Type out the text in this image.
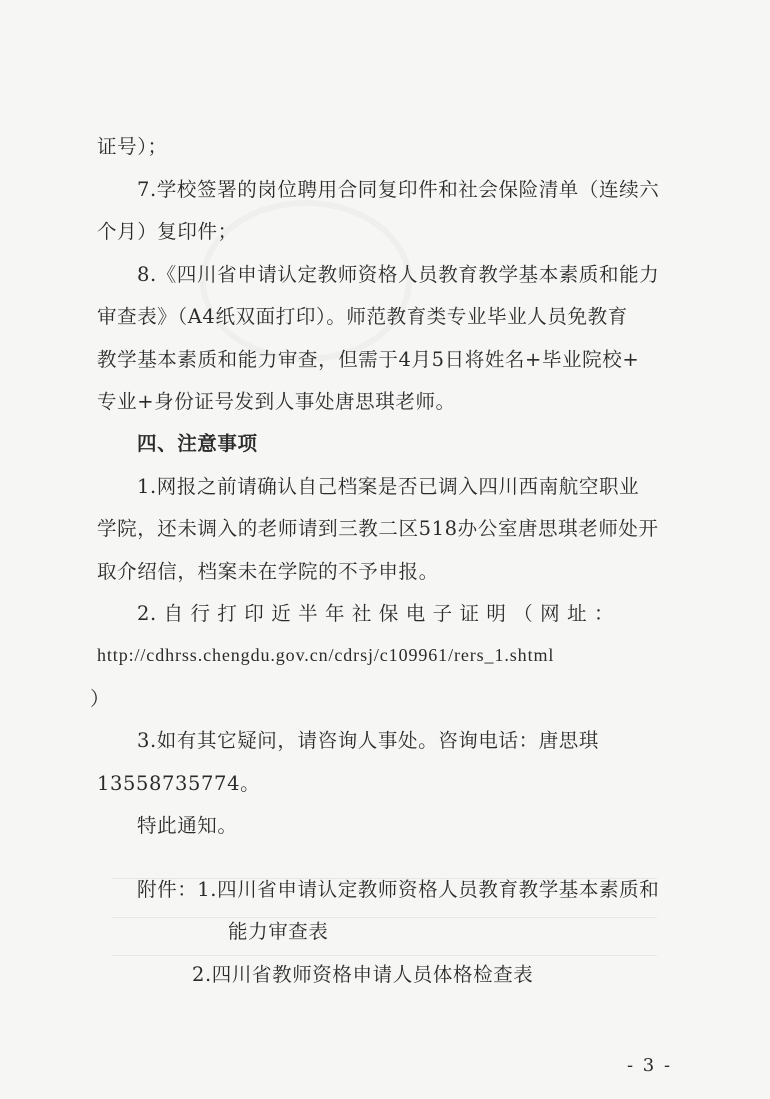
证号）；
7.学校签署的岗位聘用合同复印件和社会保险清单（连续六
个月）复印件；
8.《四川省申请认定教师资格人员教育教学基本素质和能力
审查表》（A4纸双面打印）。师范教育类专业毕业人员免教育
教学基本素质和能力审查，但需于4月5日将姓名+毕业院校+
专业+身份证号发到人事处唐思琪老师。
四、注意事项
1.网报之前请确认自己档案是否已调入四川西南航空职业
学院，还未调入的老师请到三教二区518办公室唐思琪老师处开
取介绍信，档案未在学院的不予申报。
2. 自 行 打 印 近 半 年 社 保 电 子 证 明 （ 网 址 ：
http://cdhrss.chengdu.gov.cn/cdrsj/c109961/rers_1.shtml
）
3.如有其它疑问，请咨询人事处。咨询电话：唐思琪
13558735774。
特此通知。
附件：1.四川省申请认定教师资格人员教育教学基本素质和
能力审查表
2.四川省教师资格申请人员体格检查表
- 3 -
